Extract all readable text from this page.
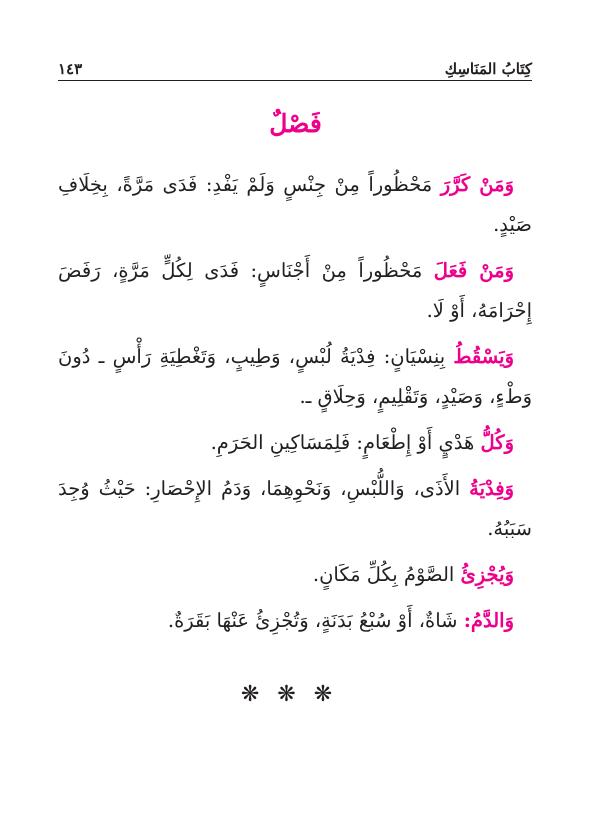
كِتَابُ المَنَاسِكِ
١٤٣
فَصْلٌ

وَمَنْ كَرَّرَ مَحْظُوراً مِنْ جِنْسٍ وَلَمْ يَفْدِ: فَدَى مَرَّةً، بِخِلَافِ صَيْدٍ.

وَمَنْ فَعَلَ مَحْظُوراً مِنْ أَجْنَاسٍ: فَدَى لِكُلٍّ مَرَّةٍ، رَفَضَ إِحْرَامَهُ، أَوْ لَا.

وَيَسْقُطُ بِنِسْيَانٍ: فِدْيَةُ لُبْسٍ، وَطِيبٍ، وَتَغْطِيَةِ رَأْسٍ ـ دُونَ وَطْءٍ، وَصَيْدٍ، وَتَقْلِيمٍ، وَحِلَاقٍ ـ.

وَكُلُّ هَدْيٍ أَوْ إِطْعَامٍ: فَلِمَسَاكِينِ الحَرَمِ.

وَفِدْيَةُ الأَذَى، وَاللُّبْسِ، وَنَحْوِهِمَا، وَدَمُ الإِحْصَارِ: حَيْثُ وُجِدَ سَبَبُهُ.

وَيُجْزِئُ الصَّوْمُ بِكُلِّ مَكَانٍ.

وَالدَّمُ: شَاةٌ، أَوْ سُبْعُ بَدَنَةٍ، وَتُجْزِئُ عَنْهَا بَقَرَةٌ.

❋❋❋
